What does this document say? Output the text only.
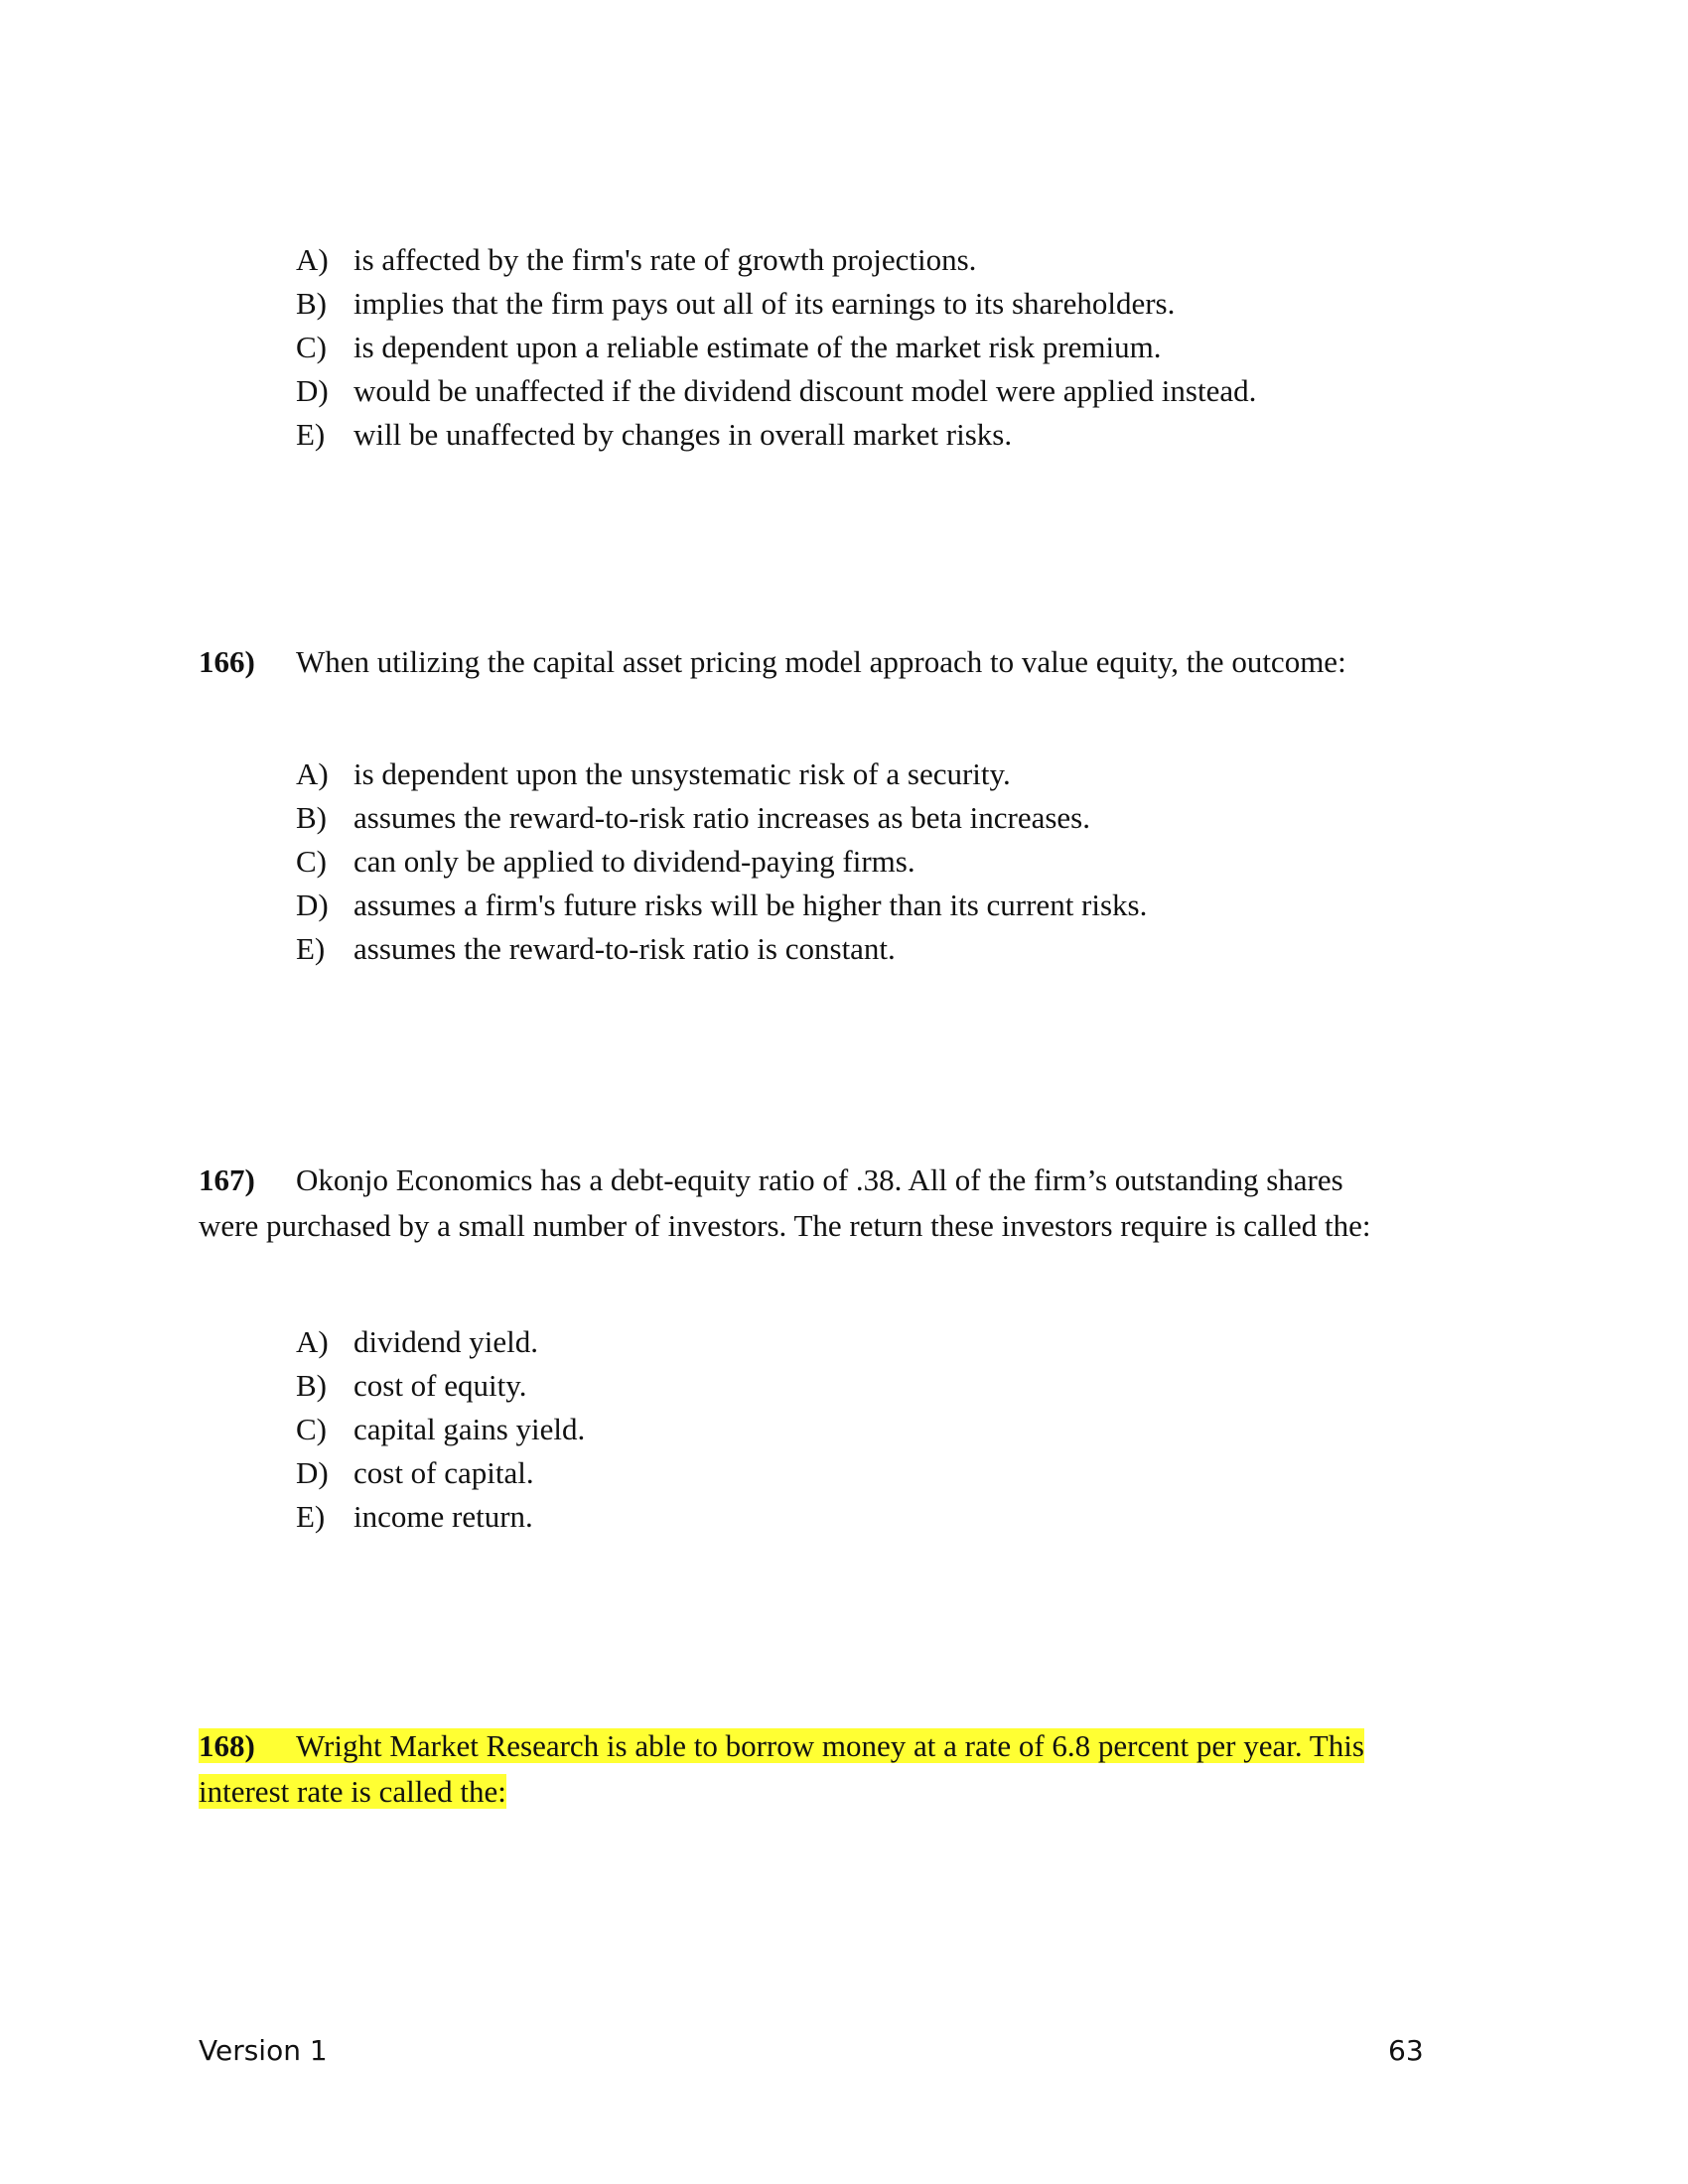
A) is affected by the firm's rate of growth projections.
B) implies that the firm pays out all of its earnings to its shareholders.
C) is dependent upon a reliable estimate of the market risk premium.
D) would be unaffected if the dividend discount model were applied instead.
E) will be unaffected by changes in overall market risks.
166) When utilizing the capital asset pricing model approach to value equity, the outcome:
A) is dependent upon the unsystematic risk of a security.
B) assumes the reward-to-risk ratio increases as beta increases.
C) can only be applied to dividend-paying firms.
D) assumes a firm's future risks will be higher than its current risks.
E) assumes the reward-to-risk ratio is constant.
167) Okonjo Economics has a debt-equity ratio of .38. All of the firm’s outstanding shares
were purchased by a small number of investors. The return these investors require is called the:
A) dividend yield.
B) cost of equity.
C) capital gains yield.
D) cost of capital.
E) income return.
168) Wright Market Research is able to borrow money at a rate of 6.8 percent per year. This
interest rate is called the:
Version 1	63
